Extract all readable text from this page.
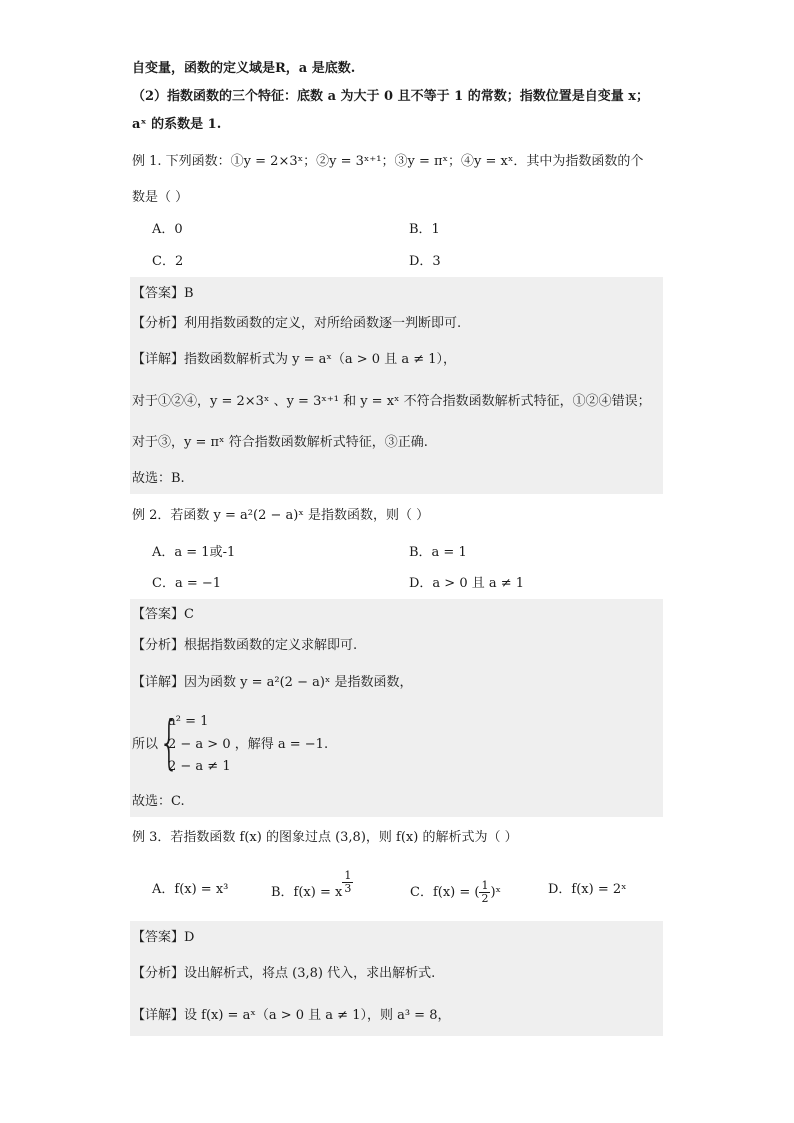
自变量，函数的定义域是R，a 是底数.
（2）指数函数的三个特征：底数 a 为大于 0 且不等于 1 的常数；指数位置是自变量 x；
aˣ 的系数是 1.
例 1. 下列函数：①y = 2×3ˣ；②y = 3ˣ⁺¹；③y = πˣ；④y = xˣ．其中为指数函数的个
数是（ ）
A．0	B．1
C．2	D．3
【答案】B
【分析】利用指数函数的定义，对所给函数逐一判断即可.
【详解】指数函数解析式为 y = aˣ（a > 0 且 a ≠ 1），
对于①②④，y = 2×3ˣ 、y = 3ˣ⁺¹ 和 y = xˣ 不符合指数函数解析式特征，①②④错误；
对于③，y = πˣ 符合指数函数解析式特征，③正确.
故选：B.
例 2．若函数 y = a²(2 − a)ˣ 是指数函数，则（ ）
A．a = 1或-1	B．a = 1
C．a = −1	D．a > 0 且 a ≠ 1
【答案】C
【分析】根据指数函数的定义求解即可.
【详解】因为函数 y = a²(2 − a)ˣ 是指数函数，
所以 {
a² = 1
2 − a > 0 ，解得 a = −1.
2 − a ≠ 1
故选：C.
例 3．若指数函数 f(x) 的图象过点 (3,8)，则 f(x) 的解析式为（ ）
A．f(x) = x³	B．f(x) = x $\frac{1}{3}$	C．f(x) = ( $\frac{1}{2}$ )ˣ	D．f(x) = 2ˣ
【答案】D
【分析】设出解析式，将点 (3,8) 代入，求出解析式.
【详解】设 f(x) = aˣ（a > 0 且 a ≠ 1），则 a³ = 8，
